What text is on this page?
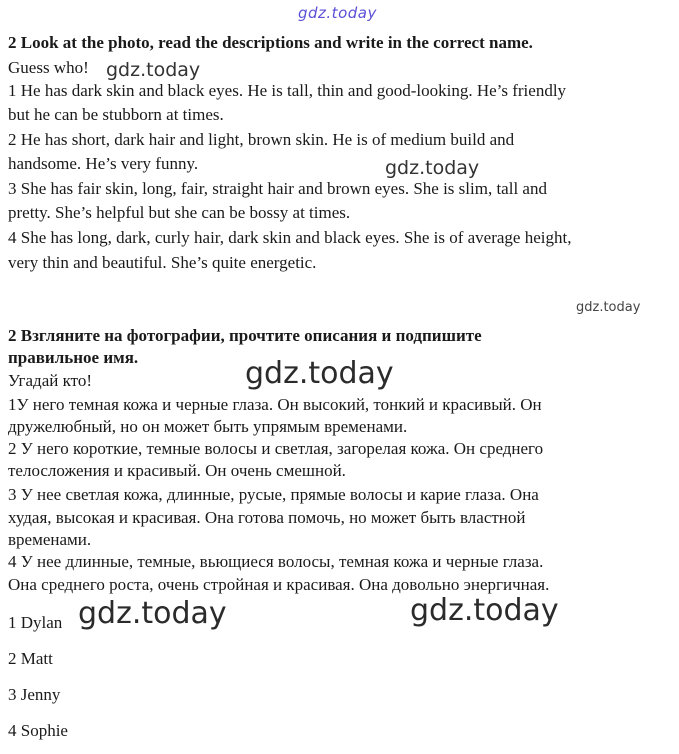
gdz.today
2 Look at the photo, read the descriptions and write in the correct name.
Guess who! gdz.today
1 He has dark skin and black eyes. He is tall, thin and good-looking. He’s friendly
but he can be stubborn at times.
2 He has short, dark hair and light, brown skin. He is of medium build and
handsome. He’s very funny.	gdz.today
3 She has fair skin, long, fair, straight hair and brown eyes. She is slim, tall and
pretty. She’s helpful but she can be bossy at times.
4 She has long, dark, curly hair, dark skin and black eyes. She is of average height,
very thin and beautiful. She’s quite energetic.
gdz.today
2 Взгляните на фотографии, прочтите описания и подпишите
правильное имя.
Угадай кто!	gdz.today
1У него темная кожа и черные глаза. Он высокий, тонкий и красивый. Он
дружелюбный, но он может быть упрямым временами.
2 У него короткие, темные волосы и светлая, загорелая кожа. Он среднего
телосложения и красивый. Он очень смешной.
3 У нее светлая кожа, длинные, русые, прямые волосы и карие глаза. Она
худая, высокая и красивая. Она готова помочь, но может быть властной
временами.
4 У нее длинные, темные, вьющиеся волосы, темная кожа и черные глаза.
Она среднего роста, очень стройная и красивая. Она довольно энергичная.
1 Dylan gdz.today	gdz.today
2 Matt
3 Jenny
4 Sophie
